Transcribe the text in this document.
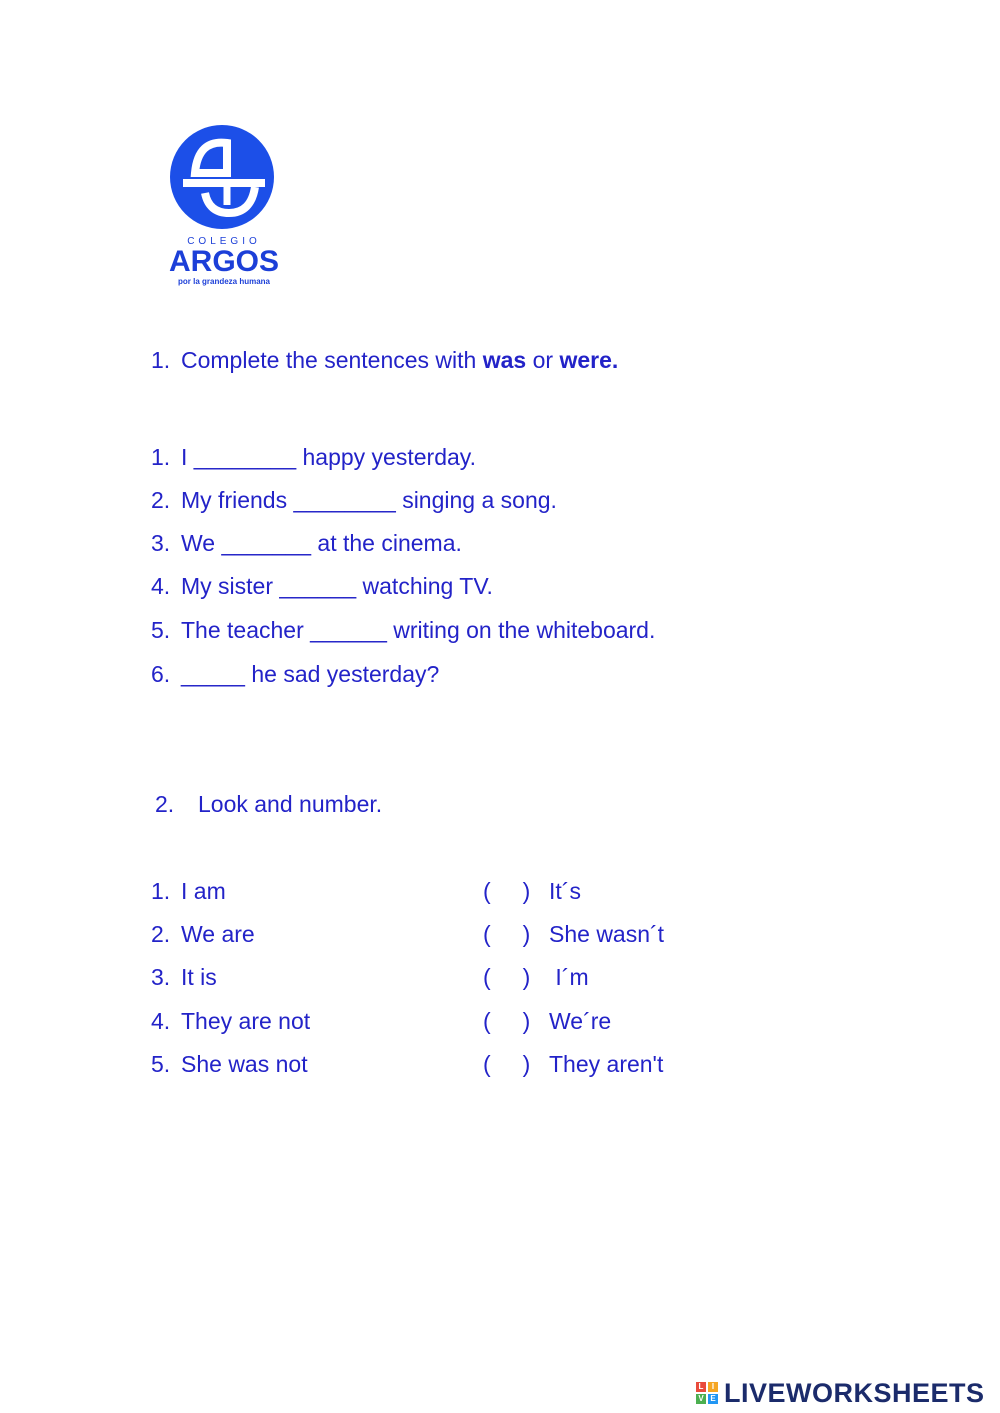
COLEGIO
ARGOS
por la grandeza humana
1. Complete the sentences with was or were.
1. I ________ happy yesterday.
2. My friends ________ singing a song.
3. We _______ at the cinema.
4. My sister ______ watching TV.
5. The teacher ______ writing on the whiteboard.
6. _____ he sad yesterday?
2. Look and number.
1. I am
2. We are
3. It is
4. They are not
5. She was not
(     ) It´s
(     ) She wasn´t
(     ) I´m
(     ) We´re
(     ) They aren't
L	I
V E LIVEWORKSHEETS
